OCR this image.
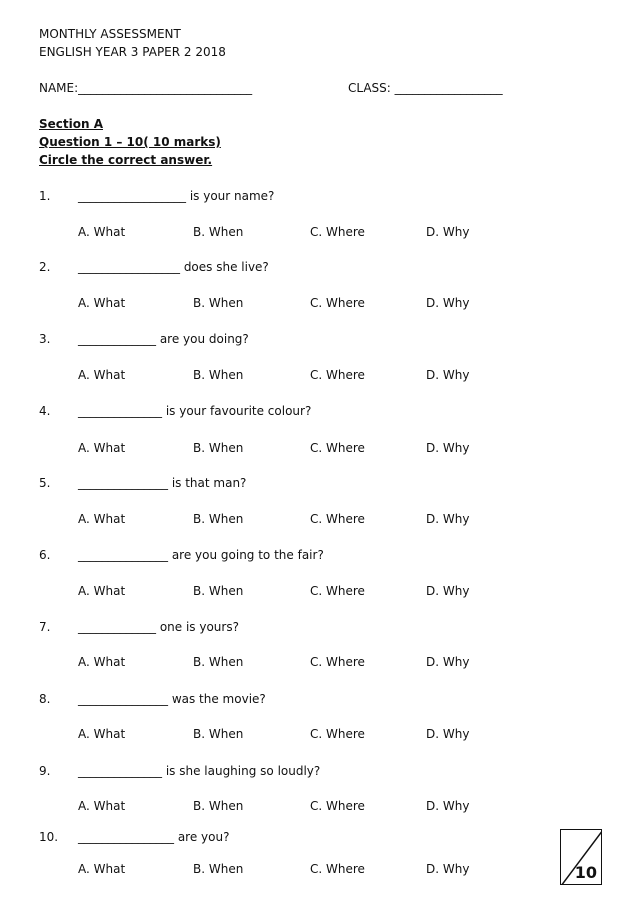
MONTHLY ASSESSMENT
ENGLISH YEAR 3 PAPER 2 2018
NAME:_____________________________	CLASS: __________________
Section A
Question 1 – 10( 10 marks)
Circle the correct answer.
1. __________________ is your name?
A. What	B. When	C. Where	D. Why
2. _________________ does she live?
A. What	B. When	C. Where	D. Why
3. _____________ are you doing?
A. What	B. When	C. Where	D. Why
4. ______________ is your favourite colour?
A. What	B. When	C. Where	D. Why
5. _______________ is that man?
A. What	B. When	C. Where	D. Why
6. _______________ are you going to the fair?
A. What	B. When	C. Where	D. Why
7. _____________ one is yours?
A. What	B. When	C. Where	D. Why
8. _______________ was the movie?
A. What	B. When	C. Where	D. Why
9. ______________ is she laughing so loudly?
A. What	B. When	C. Where	D. Why
10. ________________ are you?
A. What	B. When	C. Where	D. Why	10
